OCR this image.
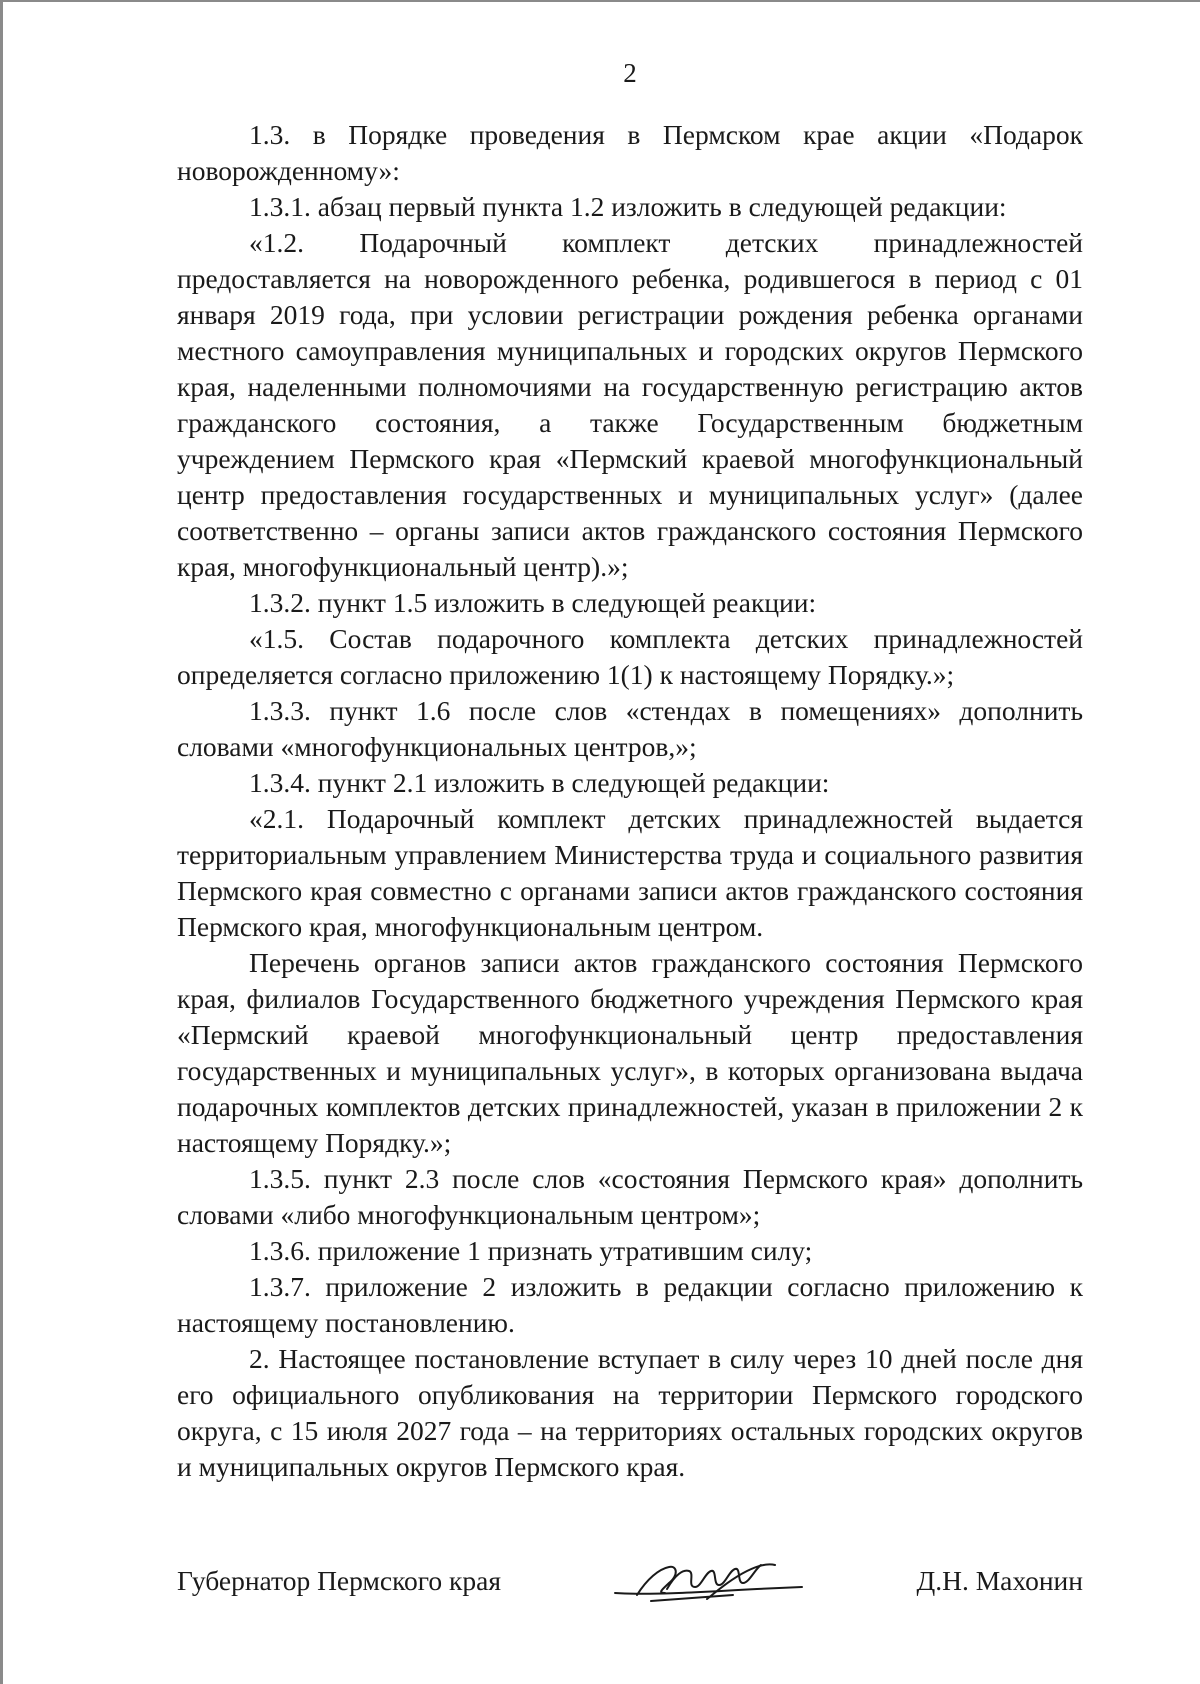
2

1.3. в Порядке проведения в Пермском крае акции «Подарок новорожденному»:

1.3.1. абзац первый пункта 1.2 изложить в следующей редакции:

«1.2. Подарочный комплект детских принадлежностей предоставляется на новорожденного ребенка, родившегося в период с 01 января 2019 года, при условии регистрации рождения ребенка органами местного самоуправления муниципальных и городских округов Пермского края, наделенными полномочиями на государственную регистрацию актов гражданского состояния, а также Государственным бюджетным учреждением Пермского края «Пермский краевой многофункциональный центр предоставления государственных и муниципальных услуг» (далее соответственно – органы записи актов гражданского состояния Пермского края, многофункциональный центр).»;

1.3.2. пункт 1.5 изложить в следующей реакции:

«1.5. Состав подарочного комплекта детских принадлежностей определяется согласно приложению 1(1) к настоящему Порядку.»;

1.3.3. пункт 1.6 после слов «стендах в помещениях» дополнить словами «многофункциональных центров,»;

1.3.4. пункт 2.1 изложить в следующей редакции:

«2.1. Подарочный комплект детских принадлежностей выдается территориальным управлением Министерства труда и социального развития Пермского края совместно с органами записи актов гражданского состояния Пермского края, многофункциональным центром.

Перечень органов записи актов гражданского состояния Пермского края, филиалов Государственного бюджетного учреждения Пермского края «Пермский краевой многофункциональный центр предоставления государственных и муниципальных услуг», в которых организована выдача подарочных комплектов детских принадлежностей, указан в приложении 2 к настоящему Порядку.»;

1.3.5. пункт 2.3 после слов «состояния Пермского края» дополнить словами «либо многофункциональным центром»;

1.3.6. приложение 1 признать утратившим силу;

1.3.7. приложение 2 изложить в редакции согласно приложению к настоящему постановлению.

2. Настоящее постановление вступает в силу через 10 дней после дня его официального опубликования на территории Пермского городского округа, с 15 июля 2027 года – на территориях остальных городских округов и муниципальных округов Пермского края.

Губернатор Пермского края	Д.Н. Махонин
